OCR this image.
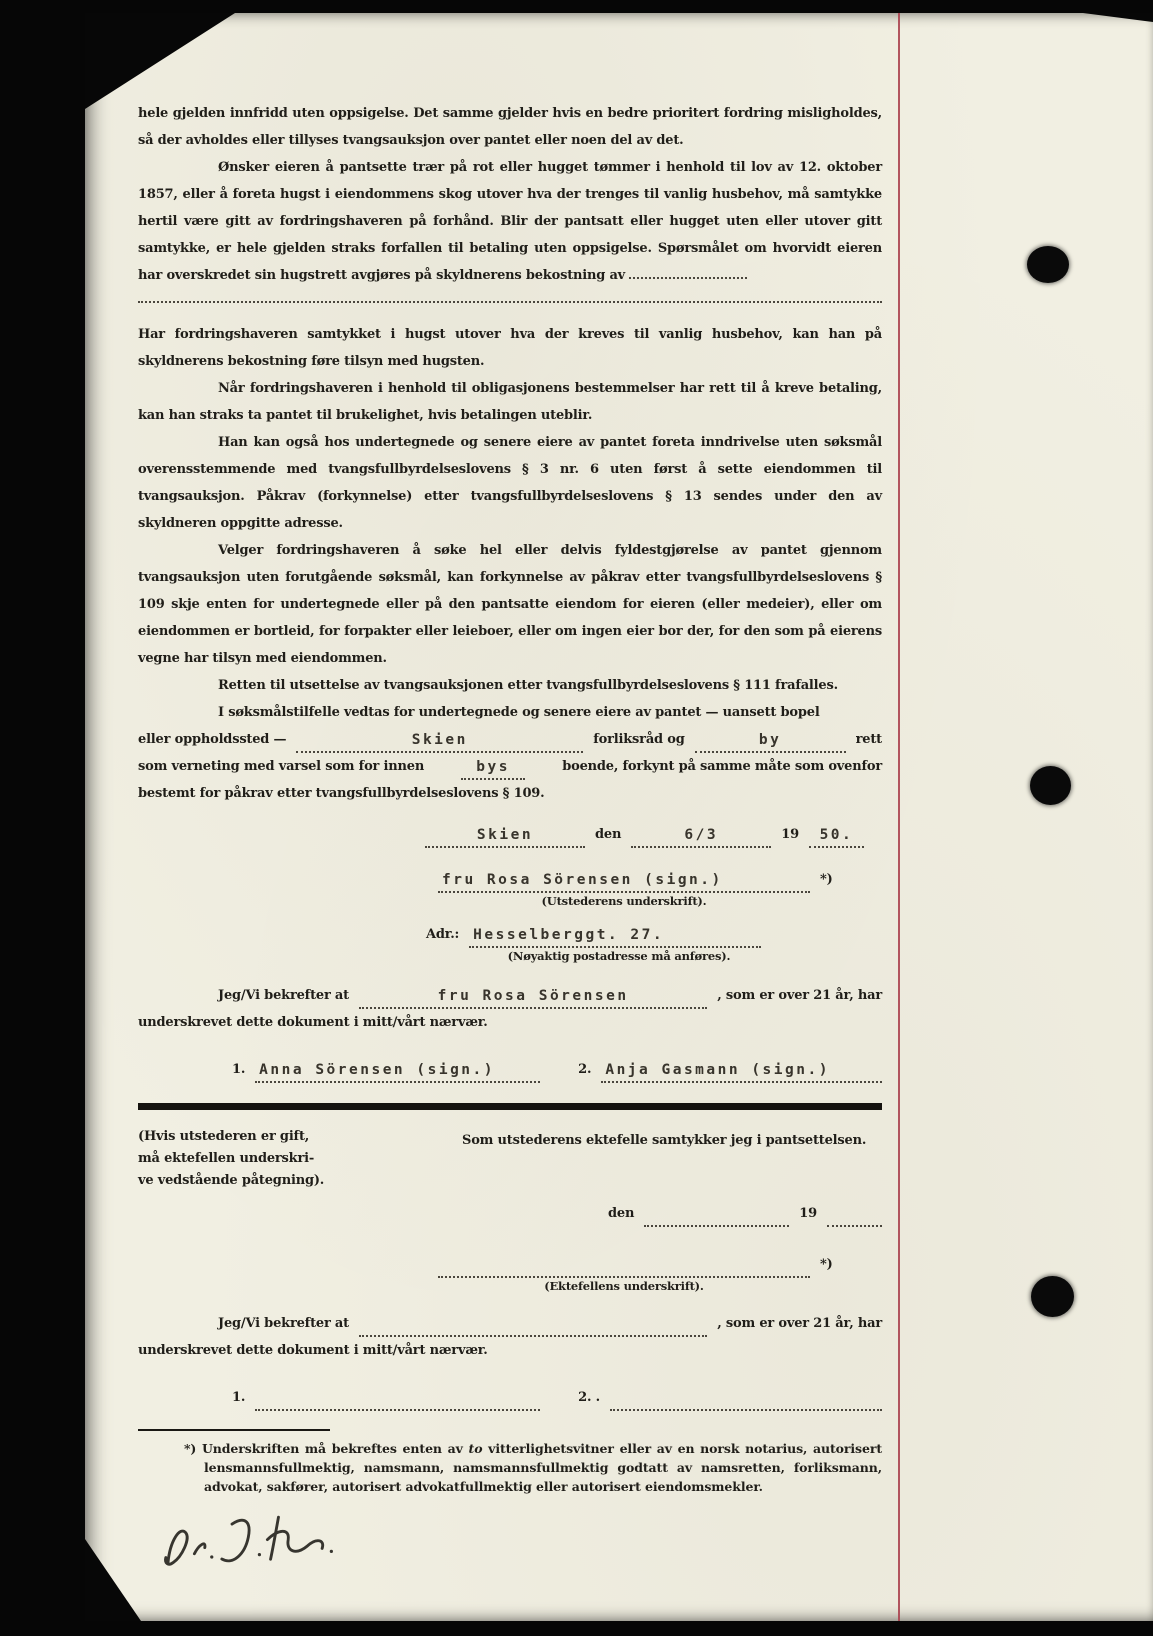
hele gjelden innfridd uten oppsigelse. Det samme gjelder hvis en bedre prioritert fordring misligholdes, så der avholdes eller tillyses tvangsauksjon over pantet eller noen del av det.

Ønsker eieren å pantsette trær på rot eller hugget tømmer i henhold til lov av 12. oktober 1857, eller å foreta hugst i eiendommens skog utover hva der trenges til vanlig husbehov, må samtykke hertil være gitt av fordringshaveren på forhånd. Blir der pantsatt eller hugget uten eller utover gitt samtykke, er hele gjelden straks forfallen til betaling uten oppsigelse. Spørsmålet om hvorvidt eieren har overskredet sin hugstrett avgjøres på skyldnerens bekostning av

Har fordringshaveren samtykket i hugst utover hva der kreves til vanlig husbehov, kan han på skyldnerens bekostning føre tilsyn med hugsten.

Når fordringshaveren i henhold til obligasjonens bestemmelser har rett til å kreve betaling, kan han straks ta pantet til brukelighet, hvis betalingen uteblir.

Han kan også hos undertegnede og senere eiere av pantet foreta inndrivelse uten søksmål overensstemmende med tvangsfullbyrdelseslovens § 3 nr. 6 uten først å sette eiendommen til tvangsauksjon. Påkrav (forkynnelse) etter tvangsfullbyrdelseslovens § 13 sendes under den av skyldneren oppgitte adresse.

Velger fordringshaveren å søke hel eller delvis fyldestgjørelse av pantet gjennom tvangsauksjon uten forutgående søksmål, kan forkynnelse av påkrav etter tvangsfullbyrdelseslovens § 109 skje enten for undertegnede eller på den pantsatte eiendom for eieren (eller medeier), eller om eiendommen er bortleid, for forpakter eller leieboer, eller om ingen eier bor der, for den som på eierens vegne har tilsyn med eiendommen.

Retten til utsettelse av tvangsauksjonen etter tvangsfullbyrdelseslovens § 111 frafalles.

I søksmålstilfelle vedtas for undertegnede og senere eiere av pantet — uansett bopel

eller oppholdssted —	Skien	forliksråd og	by	rett
som verneting med varsel som for innen	bys	boende, forkynt på samme måte som ovenfor

bestemt for påkrav etter tvangsfullbyrdelseslovens § 109.

Skien	den	6/3	19 50.
fru Rosa Sörensen (sign.)	*)
(Utstederens underskrift).
Adr.: Hesselberggt. 27.
(Nøyaktig postadresse må anføres).
Jeg/Vi bekrefter at	fru Rosa Sörensen	, som er over 21 år, har

underskrevet dette dokument i mitt/vårt nærvær.

1. Anna Sörensen (sign.)	2. Anja Gasmann (sign.)
(Hvis utstederen er gift,
må ektefellen underskri-
ve vedstående påtegning).
Som utstederens ektefelle samtykker jeg i pantsettelsen.
den	19
*)
(Ektefellens underskrift).
Jeg/Vi bekrefter at	, som er over 21 år, har

underskrevet dette dokument i mitt/vårt nærvær.

1.	2. .

*) Underskriften må bekreftes enten av to vitterlighetsvitner eller av en norsk notarius, autorisert lensmannsfullmektig, namsmann, namsmannsfullmektig godtatt av namsretten, forliksmann, advokat, sakfører, autorisert advokatfullmektig eller autorisert eiendomsmekler.
